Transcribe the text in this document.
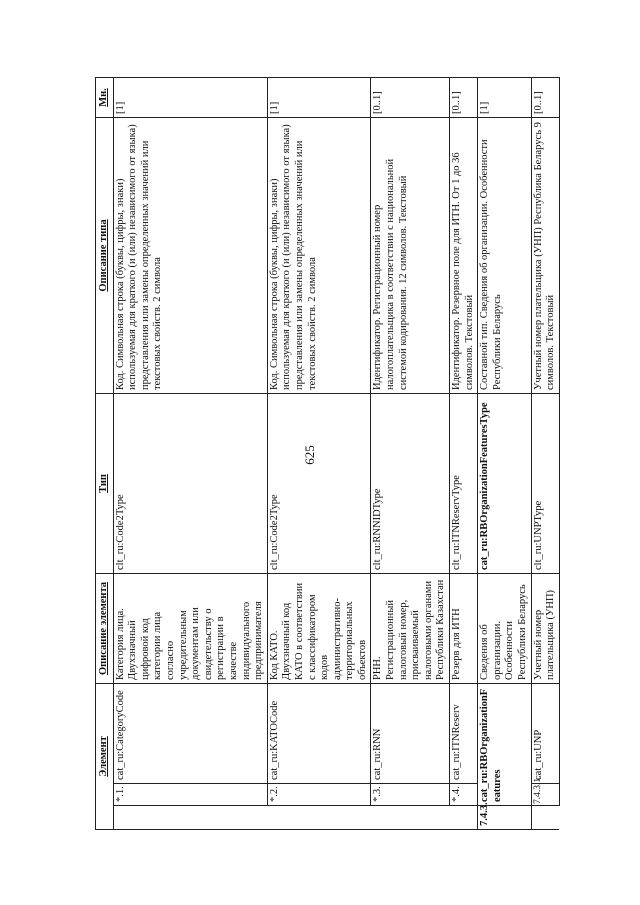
625
Элемент			Описание элемента	Тип	Описание типа	Мн.
	*.1.	cat_ru:CategoryCode	Категория лица. Двухзначный цифровой код категории лица согласно учредительным документам или свидетельству о регистрации в качестве индивидуального предпринимателя	clt_ru:Code2Type	Код. Символьная строка (буквы, цифры, знаки) используемая для краткого (и (или) независимого от языка) представления или замены определенных значений или текстовых свойств. 2 символа	[1]
	*.2.	cat_ru:KATOCode	Код КАТО. Двухзначный код КАТО в соответствии с классификатором кодов административно-территориальных объектов	clt_ru:Code2Type	Код. Символьная строка (буквы, цифры, знаки) используемая для краткого (и (или) независимого от языка) представления или замены определенных значений или текстовых свойств. 2 символа	[1]
	*.3.	cat_ru:RNN	РНН. Регистрационный налоговый номер, присваиваемый налоговыми органами Республики Казахстан	clt_ru:RNNIDType	Идентификатор. Регистрационный номер налогоплательщика в соответствии с национальной системой кодирования. 12 символов. Текстовый	[0..1]
	*.4.	cat_ru:ITNReserv	Резерв для ИТН	clt_ru:ITNReservType	Идентификатор. Резервное поле для ИТН. От 1 до 36 символов. Текстовый	[0..1]
7.4.3.	cat_ru:RBOrganizationFeatures		Сведения об организации. Особенности Республики Беларусь	cat_ru:RBOrganizationFeaturesType	Составной тип. Сведения об организации. Особенности Республики Беларусь	[1]
	7.4.3.1.	cat_ru:UNP	Учетный номер плательщика (УНП)	clt_ru:UNPType	Учетный номер плательщика (УНП) Республика Беларусь 9 символов. Текстовый	[0..1]
